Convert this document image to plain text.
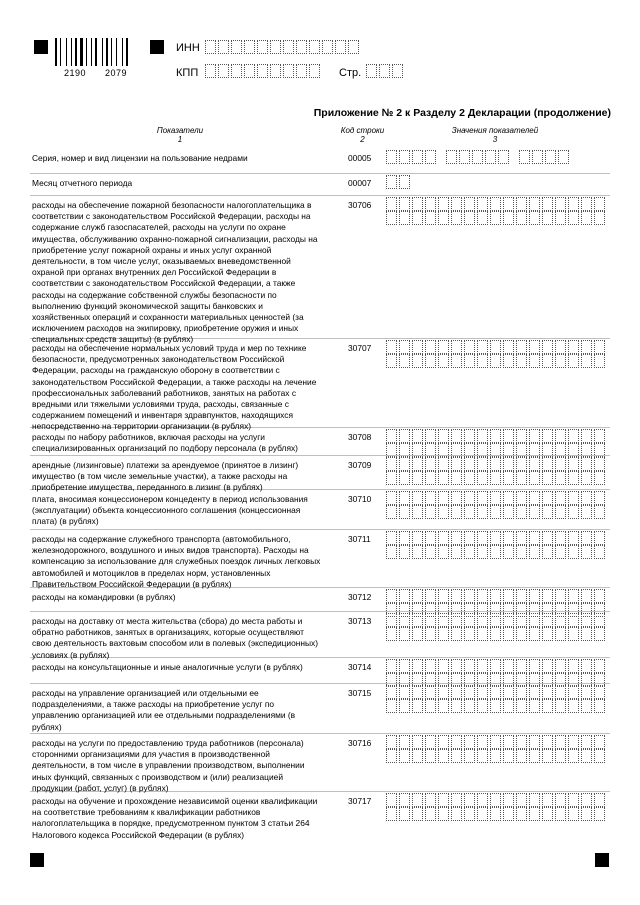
2190 2079
ИНН
КПП	Стр.
Приложение № 2 к Разделу 2 Декларации (продолжение)
Показатели
1
Код строки
2
Значения показателей
3
Серия, номер и вид лицензии на пользование недрами	00005
Месяц отчетного периода	00007
расходы на обеспечение пожарной безопасности налогоплательщика в соответствии с законодательством Российской Федерации, расходы на содержание служб газоспасателей, расходы на услуги по охране имущества, обслуживанию охранно-пожарной сигнализации, расходы на приобретение услуг пожарной охраны и иных услуг охранной деятельности, в том числе услуг, оказываемых вневедомственной охраной при органах внутренних дел Российской Федерации в соответствии с законодательством Российской Федерации, а также расходы на содержание собственной службы безопасности по выполнению функций экономической защиты банковских и хозяйственных операций и сохранности материальных ценностей (за исключением расходов на экипировку, приобретение оружия и иных специальных средств защиты) (в рублях)
30706
расходы на обеспечение нормальных условий труда и мер по технике безопасности, предусмотренных законодательством Российской Федерации, расходы на гражданскую оборону в соответствии с законодательством Российской Федерации, а также расходы на лечение профессиональных заболеваний работников, занятых на работах с вредными или тяжелыми условиями труда, расходы, связанные с содержанием помещений и инвентаря здравпунктов, находящихся непосредственно на территории организации (в рублях)
30707
расходы по набору работников, включая расходы на услуги специализированных организаций по подбору персонала (в рублях)
30708
арендные (лизинговые) платежи за арендуемое (принятое в лизинг) имущество (в том числе земельные участки), а также расходы на приобретение имущества, переданного в лизинг (в рублях)
30709
плата, вносимая концессионером концеденту в период использования (эксплуатации) объекта концессионного соглашения (концессионная плата) (в рублях)
30710
расходы на содержание служебного транспорта (автомобильного, железнодорожного, воздушного и иных видов транспорта). Расходы на компенсацию за использование для служебных поездок личных легковых автомобилей и мотоциклов в пределах норм, установленных Правительством Российской Федерации (в рублях)
30711
расходы на командировки (в рублях)	30712
расходы на доставку от места жительства (сбора) до места работы и обратно работников, занятых в организациях, которые осуществляют свою деятельность вахтовым способом или в полевых (экспедиционных) условиях (в рублях)
30713
расходы на консультационные и иные аналогичные услуги (в рублях)	30714
расходы на управление организацией или отдельными ее подразделениями, а также расходы на приобретение услуг по управлению организацией или ее отдельными подразделениями (в рублях)
30715
расходы на услуги по предоставлению труда работников (персонала) сторонними организациями для участия в производственной деятельности, в том числе в управлении производством, выполнении иных функций, связанных с производством и (или) реализацией продукции (работ, услуг) (в рублях)
30716
расходы на обучение и прохождение независимой оценки квалификации на соответствие требованиям к квалификации работников налогоплательщика в порядке, предусмотренном пунктом 3 статьи 264 Налогового кодекса Российской Федерации (в рублях)
30717
